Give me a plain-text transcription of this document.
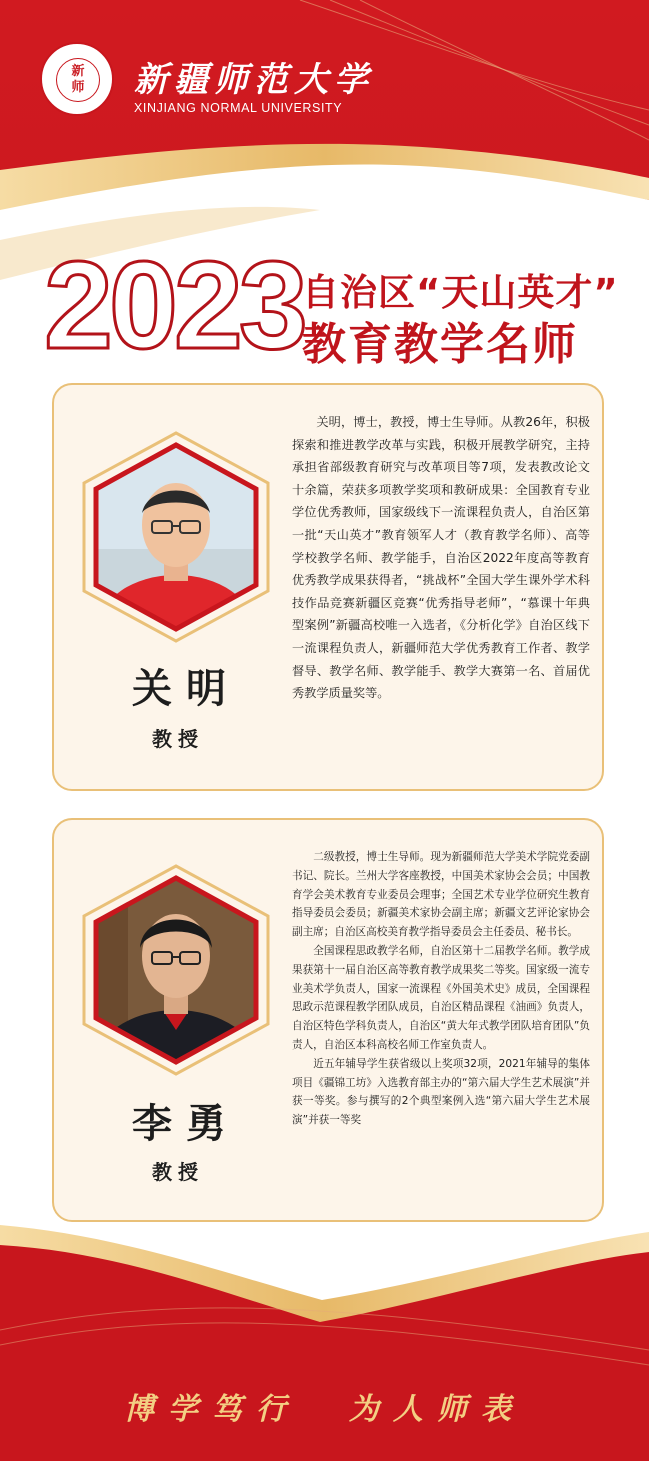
新
师 新疆师范大学
XINJIANG NORMAL UNIVERSITY
2023
自治区“天山英才”
教育教学名师
关明
教授

关明，博士，教授，博士生导师。从教26年，积极探索和推进教学改革与实践，积极开展教学研究，主持承担省部级教育研究与改革项目等7项，发表教改论文十余篇，荣获多项教学奖项和教研成果：全国教育专业学位优秀教师，国家级线下一流课程负责人，自治区第一批“天山英才”教育领军人才（教育教学名师）、高等学校教学名师、教学能手，自治区2022年度高等教育优秀教学成果获得者，“挑战杯”全国大学生课外学术科技作品竞赛新疆区竞赛“优秀指导老师”，“慕课十年典型案例”新疆高校唯一入选者，《分析化学》自治区线下一流课程负责人，新疆师范大学优秀教育工作者、教学督导、教学名师、教学能手、教学大赛第一名、首届优秀教学质量奖等。

李勇
教授

二级教授，博士生导师。现为新疆师范大学美术学院党委副书记、院长。兰州大学客座教授，中国美术家协会会员；中国教育学会美术教育专业委员会理事；全国艺术专业学位研究生教育指导委员会委员；新疆美术家协会副主席；新疆文艺评论家协会副主席；自治区高校美育教学指导委员会主任委员、秘书长。

全国课程思政教学名师，自治区第十二届教学名师。教学成果获第十一届自治区高等教育教学成果奖二等奖。国家级一流专业美术学负责人，国家一流课程《外国美术史》成员，全国课程思政示范课程教学团队成员，自治区精品课程《油画》负责人，自治区特色学科负责人，自治区“黄大年式教学团队培育团队”负责人，自治区本科高校名师工作室负责人。

近五年辅导学生获省级以上奖项32项，2021年辅导的集体项目《疆锦工坊》入选教育部主办的“第六届大学生艺术展演”并获一等奖。参与撰写的2个典型案例入选“第六届大学生艺术展演”并获一等奖

博学笃行  为人师表
